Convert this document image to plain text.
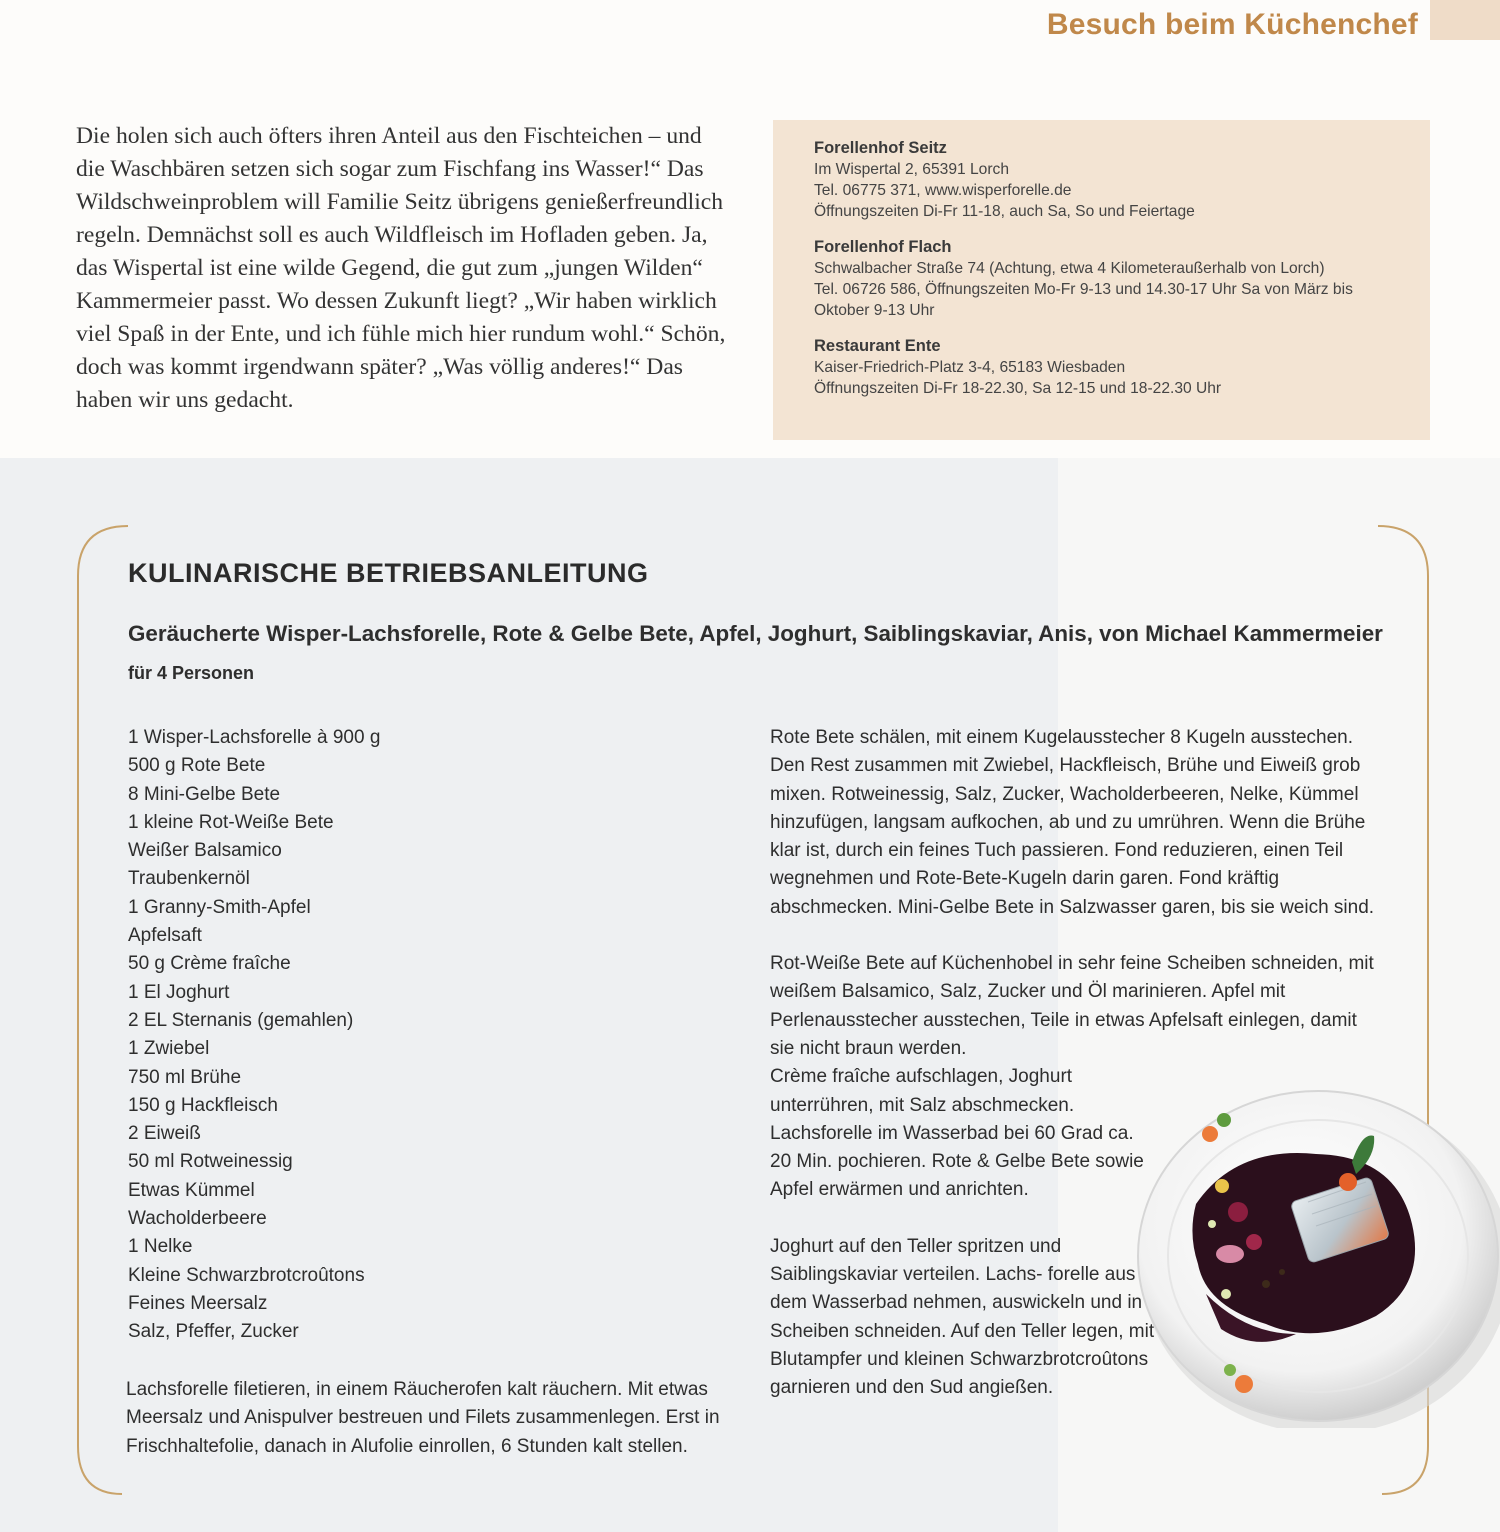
Besuch beim Küchenchef
Die holen sich auch öfters ihren Anteil aus den Fischteichen – und die Waschbären setzen sich sogar zum Fischfang ins Wasser!“ Das Wildschweinproblem will Familie Seitz übrigens genießerfreundlich regeln. Demnächst soll es auch Wildfleisch im Hofladen geben. Ja, das Wispertal ist eine wilde Gegend, die gut zum „jungen Wilden“ Kammermeier passt. Wo dessen Zukunft liegt? „Wir haben wirklich viel Spaß in der Ente, und ich fühle mich hier rundum wohl.“ Schön, doch was kommt irgendwann später? „Was völlig anderes!“ Das haben wir uns gedacht.
Forellenhof Seitz
Im Wispertal 2, 65391 Lorch
Tel. 06775 371, www.wisperforelle.de
Öffnungszeiten Di-Fr 11-18, auch Sa, So und Feiertage
Forellenhof Flach
Schwalbacher Straße 74 (Achtung, etwa 4 Kilometeraußerhalb von Lorch)
Tel. 06726 586, Öffnungszeiten Mo-Fr 9-13 und 14.30-17 Uhr Sa von März bis
Oktober 9-13 Uhr
Restaurant Ente
Kaiser-Friedrich-Platz 3-4, 65183 Wiesbaden
Öffnungszeiten Di-Fr 18-22.30, Sa 12-15 und 18-22.30 Uhr
KULINARISCHE BETRIEBSANLEITUNG
Geräucherte Wisper-Lachsforelle, Rote & Gelbe Bete, Apfel, Joghurt, Saiblingskaviar, Anis, von Michael Kammermeier
für 4 Personen
1 Wisper-Lachsforelle à 900 g
500 g Rote Bete
8 Mini-Gelbe Bete
1 kleine Rot-Weiße Bete
Weißer Balsamico
Traubenkernöl
1 Granny-Smith-Apfel
Apfelsaft
50 g Crème fraîche
1 El Joghurt
2 EL Sternanis (gemahlen)
1 Zwiebel
750 ml Brühe
150 g Hackfleisch
2 Eiweiß
50 ml Rotweinessig
Etwas Kümmel
Wacholderbeere
1 Nelke
Kleine Schwarzbrotcroûtons
Feines Meersalz
Salz, Pfeffer, Zucker
Lachsforelle filetieren, in einem Räucherofen kalt räuchern. Mit etwas Meersalz und Anispulver bestreuen und Filets zusammenlegen. Erst in Frischhaltefolie, danach in Alufolie einrollen, 6 Stunden kalt stellen.

Rote Bete schälen, mit einem Kugelausstecher 8 Kugeln ausstechen. Den Rest zusammen mit Zwiebel, Hackfleisch, Brühe und Eiweiß grob mixen. Rotweinessig, Salz, Zucker, Wacholderbeeren, Nelke, Kümmel hinzufügen, langsam aufkochen, ab und zu umrühren. Wenn die Brühe klar ist, durch ein feines Tuch passieren. Fond reduzieren, einen Teil wegnehmen und Rote-Bete-Kugeln darin garen. Fond kräftig abschmecken. Mini-Gelbe Bete in Salzwasser garen, bis sie weich sind.

Rot-Weiße Bete auf Küchenhobel in sehr feine Scheiben schneiden, mit weißem Balsamico, Salz, Zucker und Öl marinieren. Apfel mit Perlenausstecher ausstechen, Teile in etwas Apfelsaft einlegen, damit sie nicht braun werden.
Crème fraîche aufschlagen, Joghurt unterrühren, mit Salz abschmecken. Lachsforelle im Wasserbad bei 60 Grad ca. 20 Min. pochieren. Rote & Gelbe Bete sowie Apfel erwärmen und anrichten.

Joghurt auf den Teller spritzen und Saiblingskaviar verteilen. Lachs- forelle aus dem Wasserbad nehmen, auswickeln und in Scheiben schneiden. Auf den Teller legen, mit Blutampfer und kleinen Schwarzbrotcroûtons garnieren und den Sud angießen.
